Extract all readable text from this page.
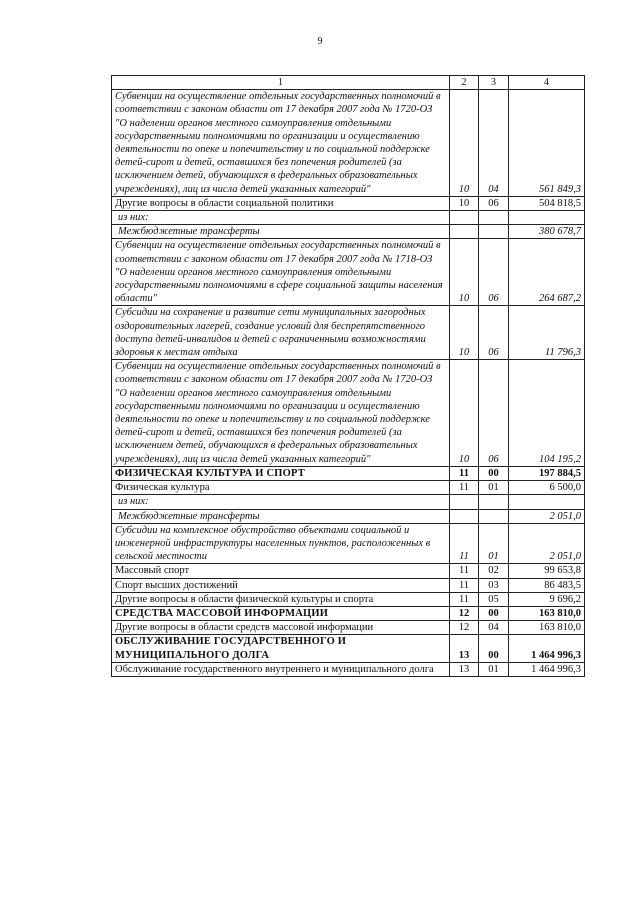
9
1	2	3	4
Субвенции на осуществление отдельных государственных полномочий в соответствии с законом области от 17 декабря 2007 года № 1720-ОЗ "О наделении органов местного самоуправления отдельными государственными полномочиями по организации и осуществлению деятельности по опеке и попечительству и по социальной поддержке детей-сирот и детей, оставшихся без попечения родителей (за исключением детей, обучающихся в федеральных образовательных учреждениях), лиц из числа детей указанных категорий"	10	04	561 849,3
Другие вопросы в области социальной политики	10	06	504 818,5
из них:			
Межбюджетные трансферты			380 678,7
Субвенции на осуществление отдельных государственных полномочий в соответствии с законом области от 17 декабря 2007 года № 1718-ОЗ "О наделении органов местного самоуправления отдельными государственными полномочиями в сфере социальной защиты населения области"	10	06	264 687,2
Субсидии на сохранение и развитие сети муниципальных загородных оздоровительных лагерей, создание условий для беспрепятственного доступа детей-инвалидов и детей с ограниченными возможностями здоровья к местам отдыха	10	06	11 796,3
Субвенции на осуществление отдельных государственных полномочий в соответствии с законом области от 17 декабря 2007 года № 1720-ОЗ "О наделении органов местного самоуправления отдельными государственными полномочиями по организации и осуществлению деятельности по опеке и попечительству и по социальной поддержке детей-сирот и детей, оставшихся без попечения родителей (за исключением детей, обучающихся в федеральных образовательных учреждениях), лиц из числа детей указанных категорий"	10	06	104 195,2
ФИЗИЧЕСКАЯ КУЛЬТУРА И СПОРТ	11	00	197 884,5
Физическая культура	11	01	6 500,0
из них:			
Межбюджетные трансферты			2 051,0
Субсидии на комплексное обустройство объектами социальной и инженерной инфраструктуры населенных пунктов, расположенных в сельской местности	11	01	2 051,0
Массовый спорт	11	02	99 653,8
Спорт высших достижений	11	03	86 483,5
Другие вопросы в области физической культуры и спорта	11	05	9 696,2
СРЕДСТВА МАССОВОЙ ИНФОРМАЦИИ	12	00	163 810,0
Другие вопросы в области средств массовой информации	12	04	163 810,0
ОБСЛУЖИВАНИЕ ГОСУДАРСТВЕННОГО И МУНИЦИПАЛЬНОГО ДОЛГА	13	00	1 464 996,3
Обслуживание государственного внутреннего и муниципального долга	13	01	1 464 996,3
